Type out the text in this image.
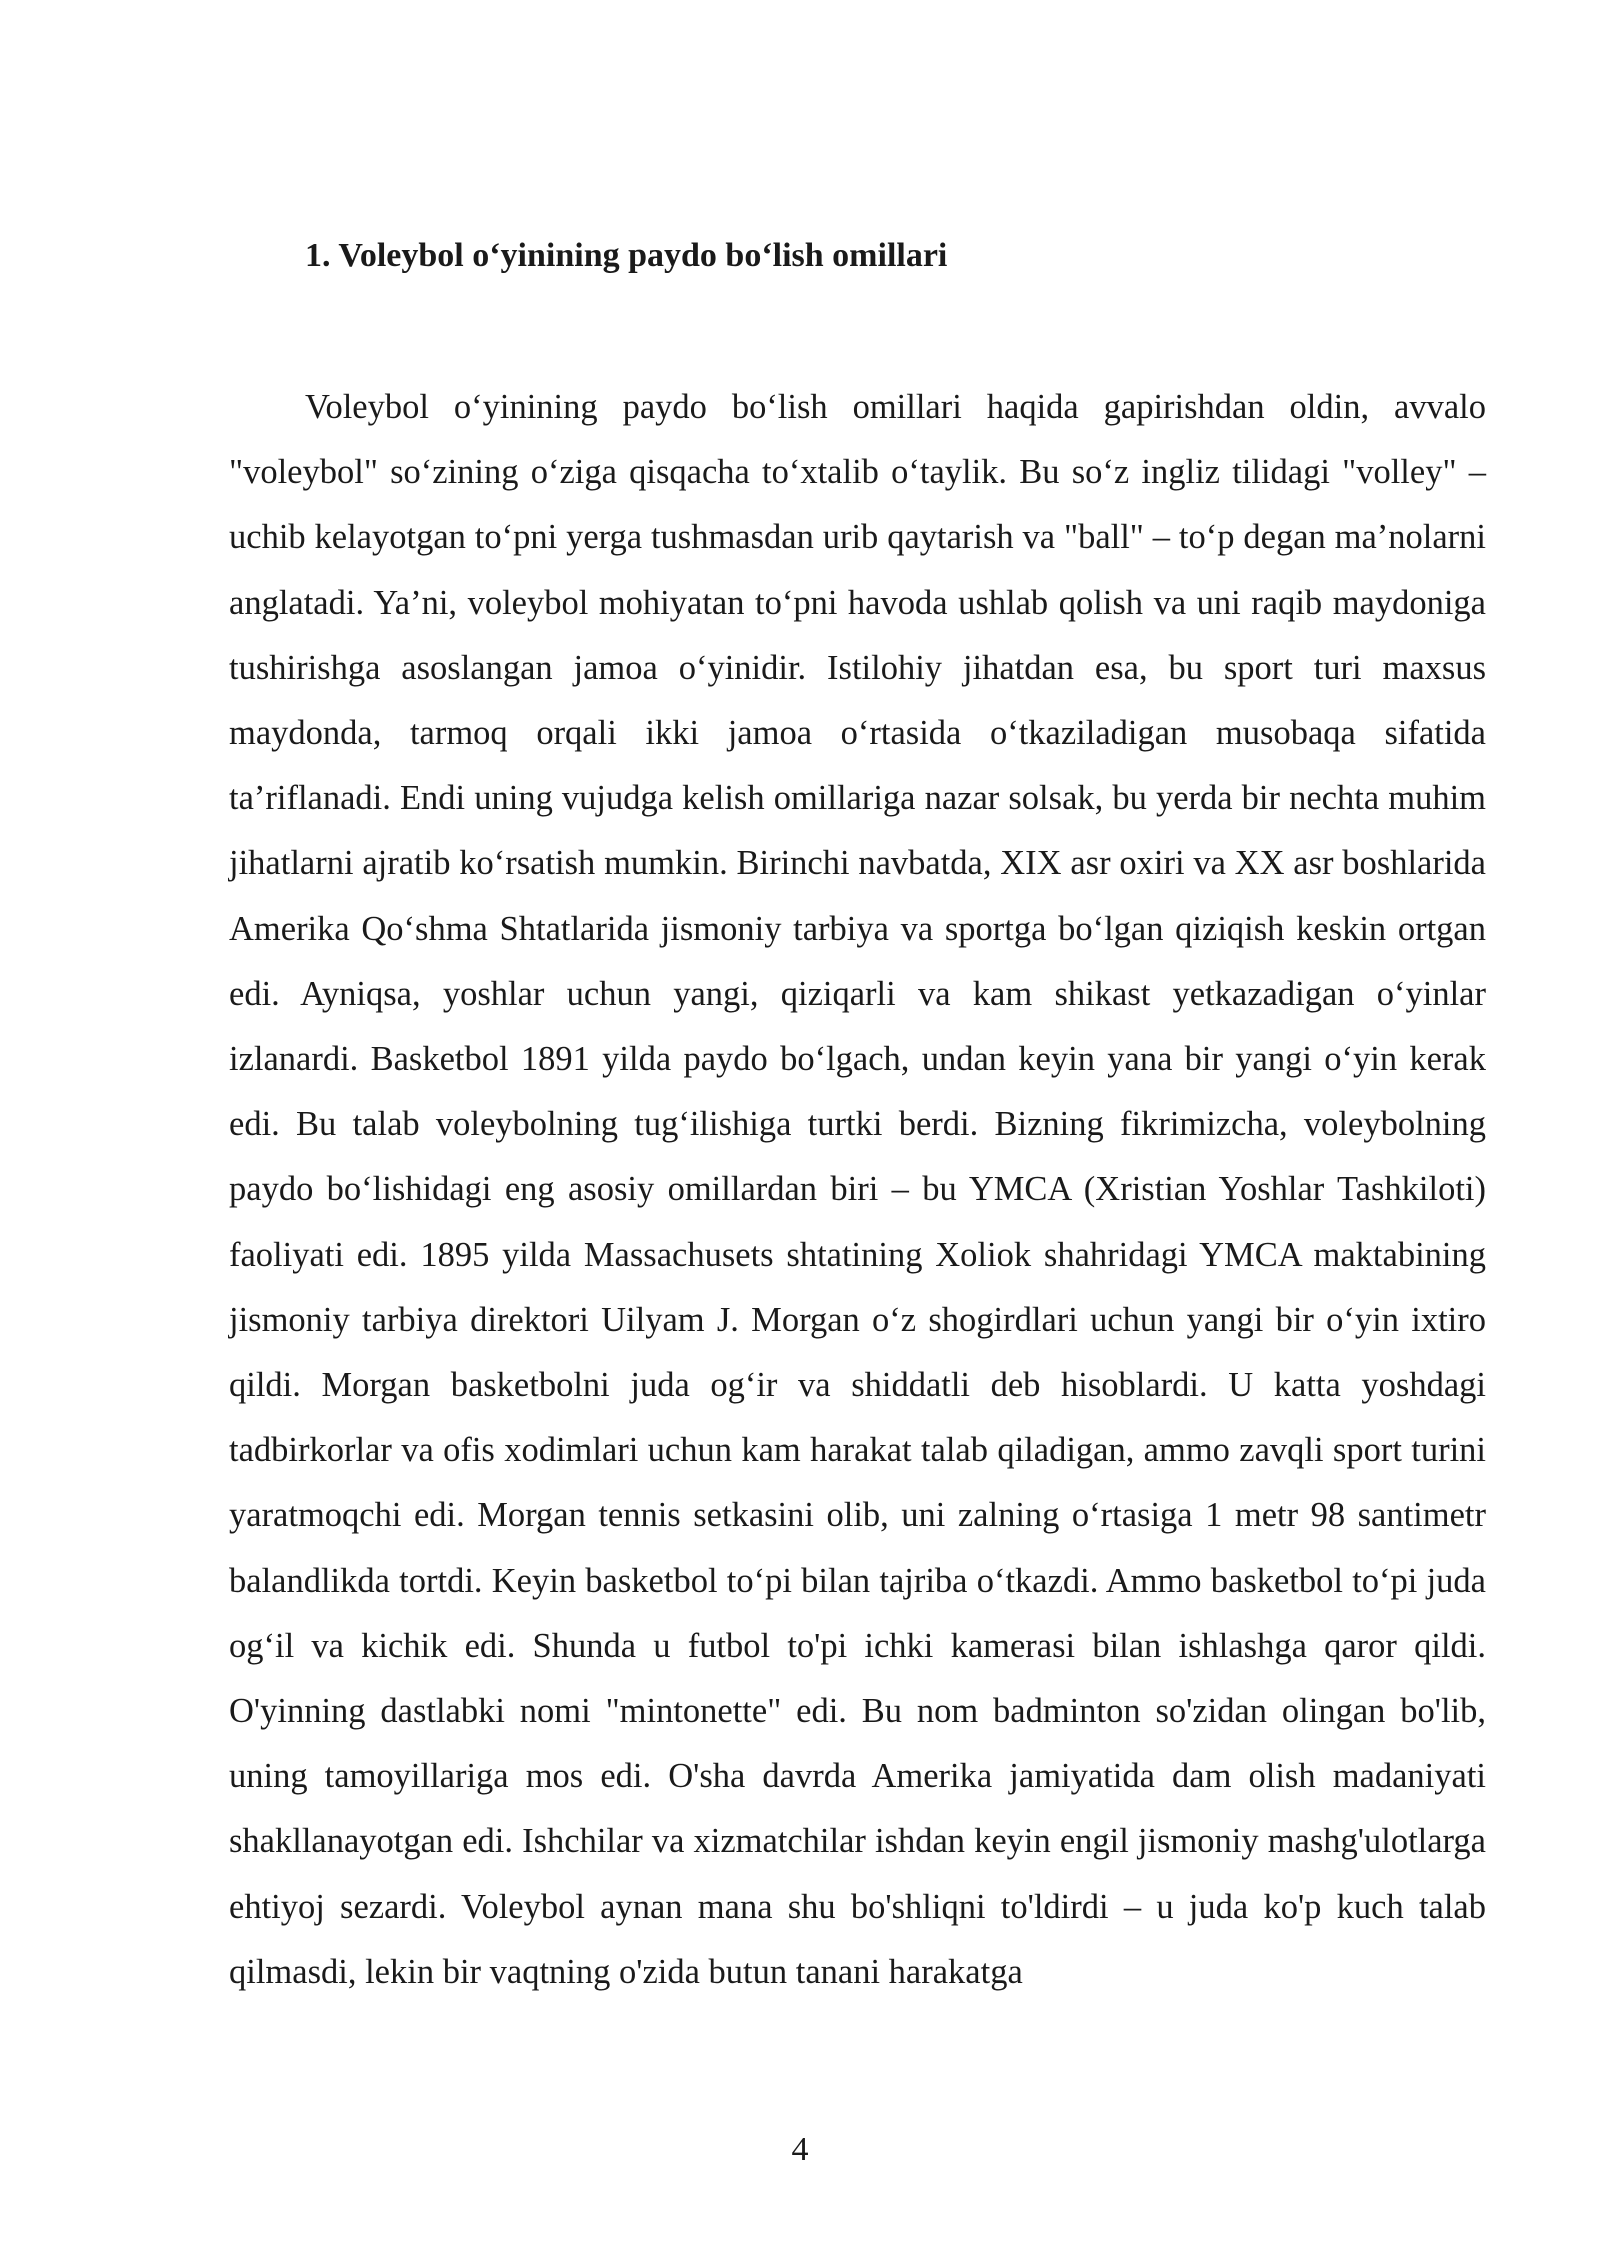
1. Voleybol o‘yinining paydo bo‘lish omillari

Voleybol o‘yinining paydo bo‘lish omillari haqida gapirishdan oldin, avvalo "voleybol" so‘zining o‘ziga qisqacha to‘xtalib o‘taylik. Bu so‘z ingliz tilidagi "volley" – uchib kelayotgan to‘pni yerga tushmasdan urib qaytarish va "ball" – to‘p degan ma’nolarni anglatadi. Ya’ni, voleybol mohiyatan to‘pni havoda ushlab qolish va uni raqib maydoniga tushirishga asoslangan jamoa o‘yinidir. Istilohiy jihatdan esa, bu sport turi maxsus maydonda, tarmoq orqali ikki jamoa o‘rtasida o‘tkaziladigan musobaqa sifatida ta’riflanadi. Endi uning vujudga kelish omillariga nazar solsak, bu yerda bir nechta muhim jihatlarni ajratib ko‘rsatish mumkin. Birinchi navbatda, XIX asr oxiri va XX asr boshlarida Amerika Qo‘shma Shtatlarida jismoniy tarbiya va sportga bo‘lgan qiziqish keskin ortgan edi. Ayniqsa, yoshlar uchun yangi, qiziqarli va kam shikast yetkazadigan o‘yinlar izlanardi. Basketbol 1891 yilda paydo bo‘lgach, undan keyin yana bir yangi o‘yin kerak edi. Bu talab voleybolning tug‘ilishiga turtki berdi. Bizning fikrimizcha, voleybolning paydo bo‘lishidagi eng asosiy omillardan biri – bu YMCA (Xristian Yoshlar Tashkiloti) faoliyati edi. 1895 yilda Massachusets shtatining Xoliok shahridagi YMCA maktabining jismoniy tarbiya direktori Uilyam J. Morgan o‘z shogirdlari uchun yangi bir o‘yin ixtiro qildi. Morgan basketbolni juda og‘ir va shiddatli deb hisoblardi. U katta yoshdagi tadbirkorlar va ofis xodimlari uchun kam harakat talab qiladigan, ammo zavqli sport turini yaratmoqchi edi. Morgan tennis setkasini olib, uni zalning o‘rtasiga 1 metr 98 santimetr balandlikda tortdi. Keyin basketbol to‘pi bilan tajriba o‘tkazdi. Ammo basketbol to‘pi juda og‘il va kichik edi. Shunda u futbol to'pi ichki kamerasi bilan ishlashga qaror qildi. O'yinning dastlabki nomi "mintonette" edi. Bu nom badminton so'zidan olingan bo'lib, uning tamoyillariga mos edi. O'sha davrda Amerika jamiyatida dam olish madaniyati shakllanayotgan edi. Ishchilar va xizmatchilar ishdan keyin engil jismoniy mashg'ulotlarga ehtiyoj sezardi. Voleybol aynan mana shu bo'shliqni to'ldirdi – u juda ko'p kuch talab qilmasdi, lekin bir vaqtning o'zida butun tanani harakatga

4
